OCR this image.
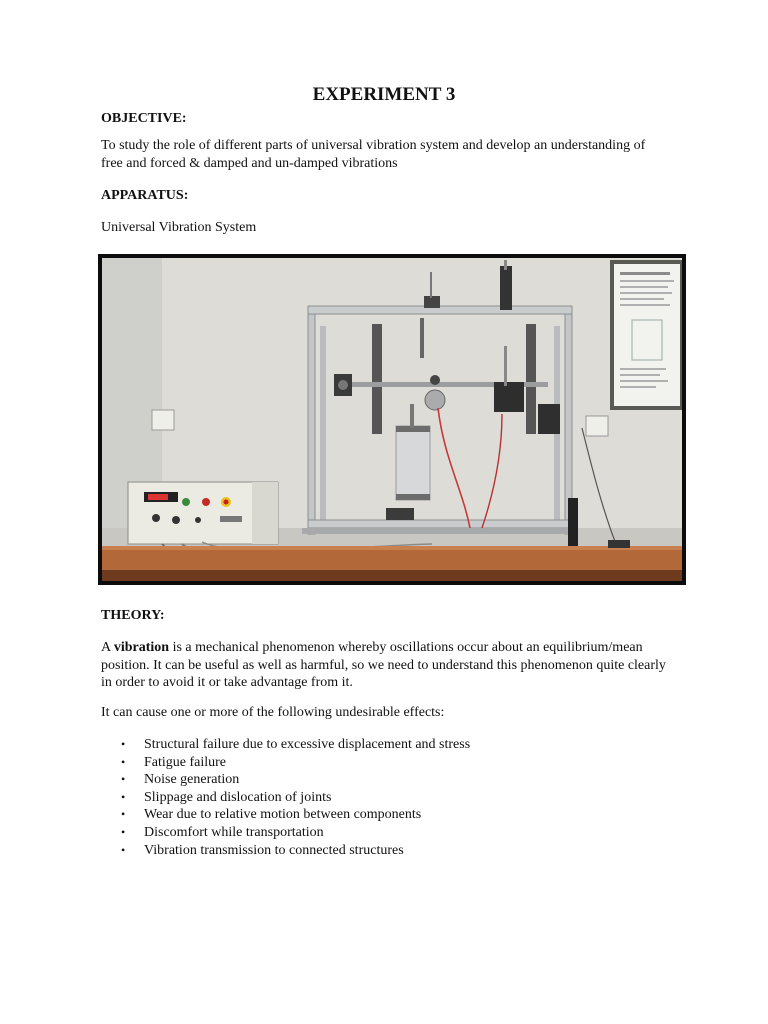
EXPERIMENT 3
OBJECTIVE:
To study the role of different parts of universal vibration system and develop an understanding of
free and forced & damped and un-damped vibrations
APPARATUS:
Universal Vibration System
THEORY:
A vibration is a mechanical phenomenon whereby oscillations occur about an equilibrium/mean
position. It can be useful as well as harmful, so we need to understand this phenomenon quite clearly
in order to avoid it or take advantage from it.
It can cause one or more of the following undesirable effects:
• Structural failure due to excessive displacement and stress
• Fatigue failure
• Noise generation
• Slippage and dislocation of joints
• Wear due to relative motion between components
• Discomfort while transportation
• Vibration transmission to connected structures
